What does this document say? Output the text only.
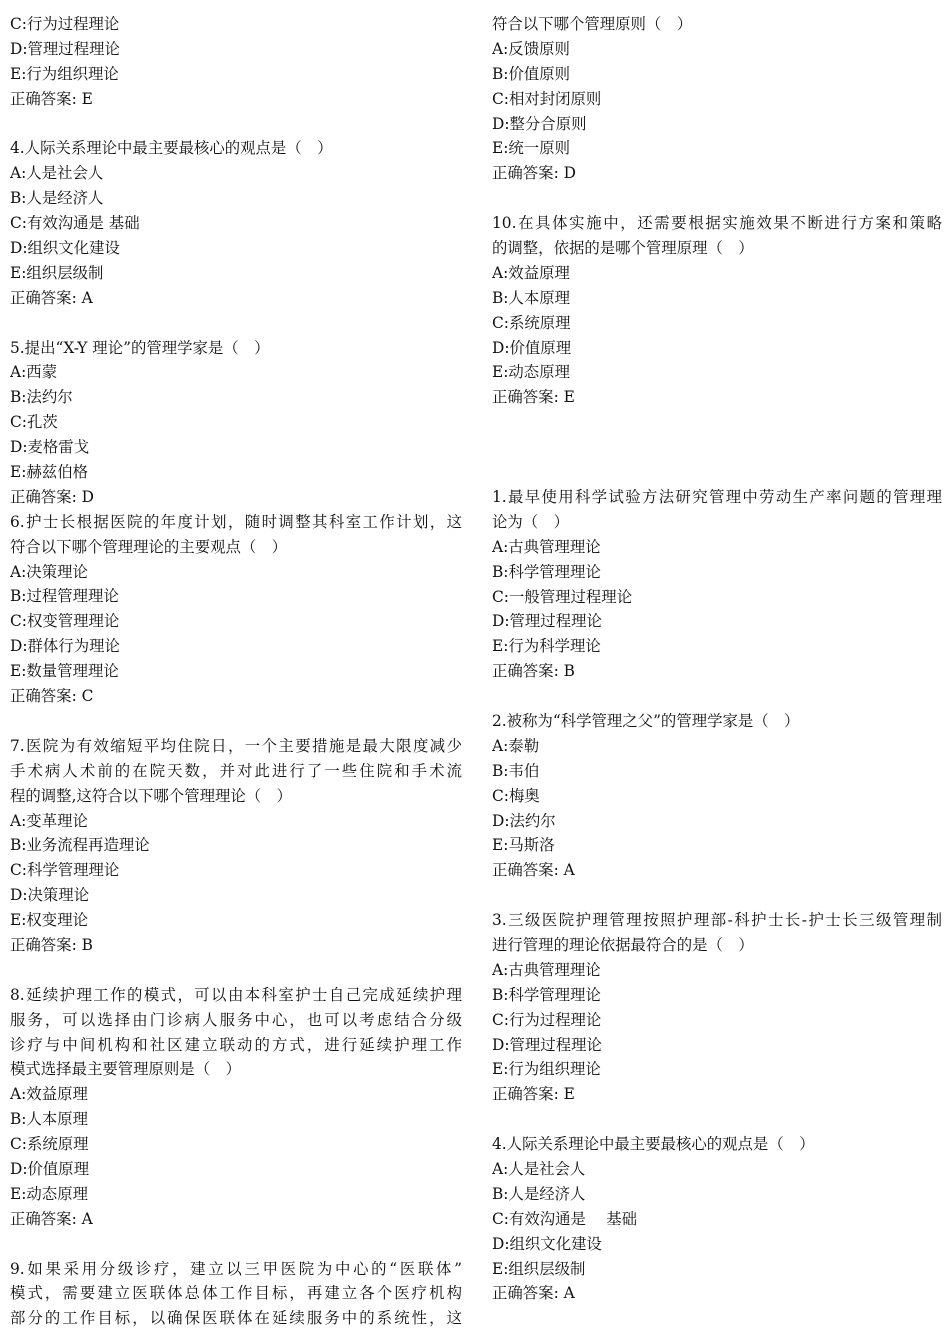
C:行为过程理论
D:管理过程理论
E:行为组织理论
正确答案: E
4.人际关系理论中最主要最核心的观点是（　）
A:人是社会人
B:人是经济人
C:有效沟通是 基础
D:组织文化建设
E:组织层级制
正确答案: A
5.提出“X-Y 理论”的管理学家是（　）
A:西蒙
B:法约尔
C:孔茨
D:麦格雷戈
E:赫兹伯格
正确答案: D
6.护士长根据医院的年度计划，随时调整其科室工作计划，这
符合以下哪个管理理论的主要观点（　）
A:决策理论
B:过程管理理论
C:权变管理理论
D:群体行为理论
E:数量管理理论
正确答案: C
7.医院为有效缩短平均住院日，一个主要措施是最大限度减少
手术病人术前的在院天数，并对此进行了一些住院和手术流
程的调整,这符合以下哪个管理理论（　）
A:变革理论
B:业务流程再造理论
C:科学管理理论
D:决策理论
E:权变理论
正确答案: B
8.延续护理工作的模式，可以由本科室护士自己完成延续护理
服务，可以选择由门诊病人服务中心，也可以考虑结合分级
诊疗与中间机构和社区建立联动的方式，进行延续护理工作
模式选择最主要管理原则是（　）
A:效益原理
B:人本原理
C:系统原理
D:价值原理
E:动态原理
正确答案: A
9.如果采用分级诊疗，建立以三甲医院为中心的“医联体”
模式，需要建立医联体总体工作目标，再建立各个医疗机构
部分的工作目标，以确保医联体在延续服务中的系统性，这
符合以下哪个管理原则（　）
A:反馈原则
B:价值原则
C:相对封闭原则
D:整分合原则
E:统一原则
正确答案: D
10.在具体实施中，还需要根据实施效果不断进行方案和策略
的调整，依据的是哪个管理原理（　）
A:效益原理
B:人本原理
C:系统原理
D:价值原理
E:动态原理
正确答案: E
1.最早使用科学试验方法研究管理中劳动生产率问题的管理理
论为（　）
A:古典管理理论
B:科学管理理论
C:一般管理过程理论
D:管理过程理论
E:行为科学理论
正确答案: B
2.被称为“科学管理之父”的管理学家是（　）
A:泰勒
B:韦伯
C:梅奥
D:法约尔
E:马斯洛
正确答案: A
3.三级医院护理管理按照护理部-科护士长-护士长三级管理制
进行管理的理论依据最符合的是（　）
A:古典管理理论
B:科学管理理论
C:行为过程理论
D:管理过程理论
E:行为组织理论
正确答案: E
4.人际关系理论中最主要最核心的观点是（　）
A:人是社会人
B:人是经济人
C:有效沟通是　 基础
D:组织文化建设
E:组织层级制
正确答案: A
